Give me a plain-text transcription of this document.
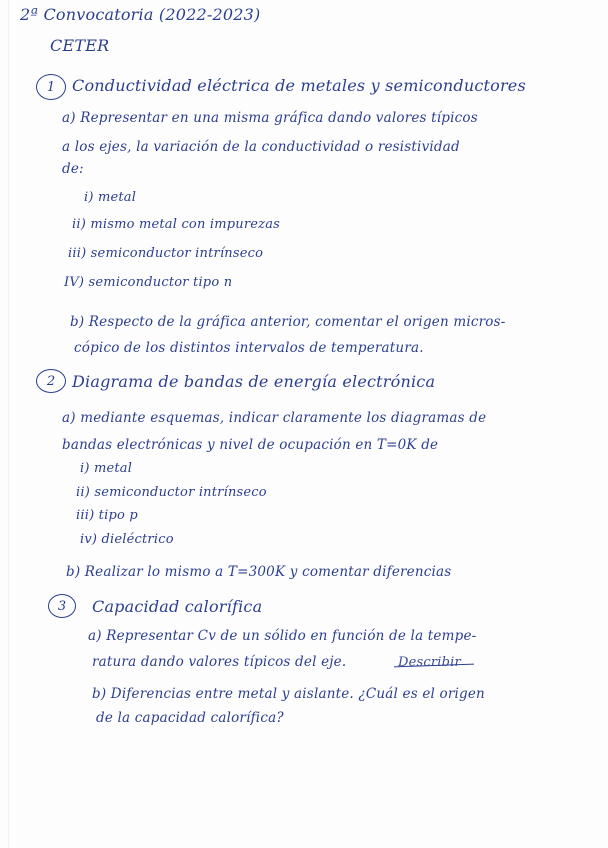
2ª Convocatoria (2022-2023)
CETER
1 Conductividad eléctrica de metales y semiconductores
a) Representar en una misma gráfica dando valores típicos
a los ejes, la variación de la conductividad o resistividad
de:
i) metal
ii) mismo metal con impurezas
iii) semiconductor intrínseco
IV) semiconductor tipo n
b) Respecto de la gráfica anterior, comentar el origen micros-
cópico de los distintos intervalos de temperatura.
2 Diagrama de bandas de energía electrónica
a) mediante esquemas, indicar claramente los diagramas de
bandas electrónicas y nivel de ocupación en T=0K de
i) metal
ii) semiconductor intrínseco
iii) tipo p
iv) dieléctrico
b) Realizar lo mismo a T=300K y comentar diferencias
3 Capacidad calorífica
a) Representar Cv de un sólido en función de la tempe-
ratura dando valores típicos del eje.	Describir
b) Diferencias entre metal y aislante. ¿Cuál es el origen
de la capacidad calorífica?
